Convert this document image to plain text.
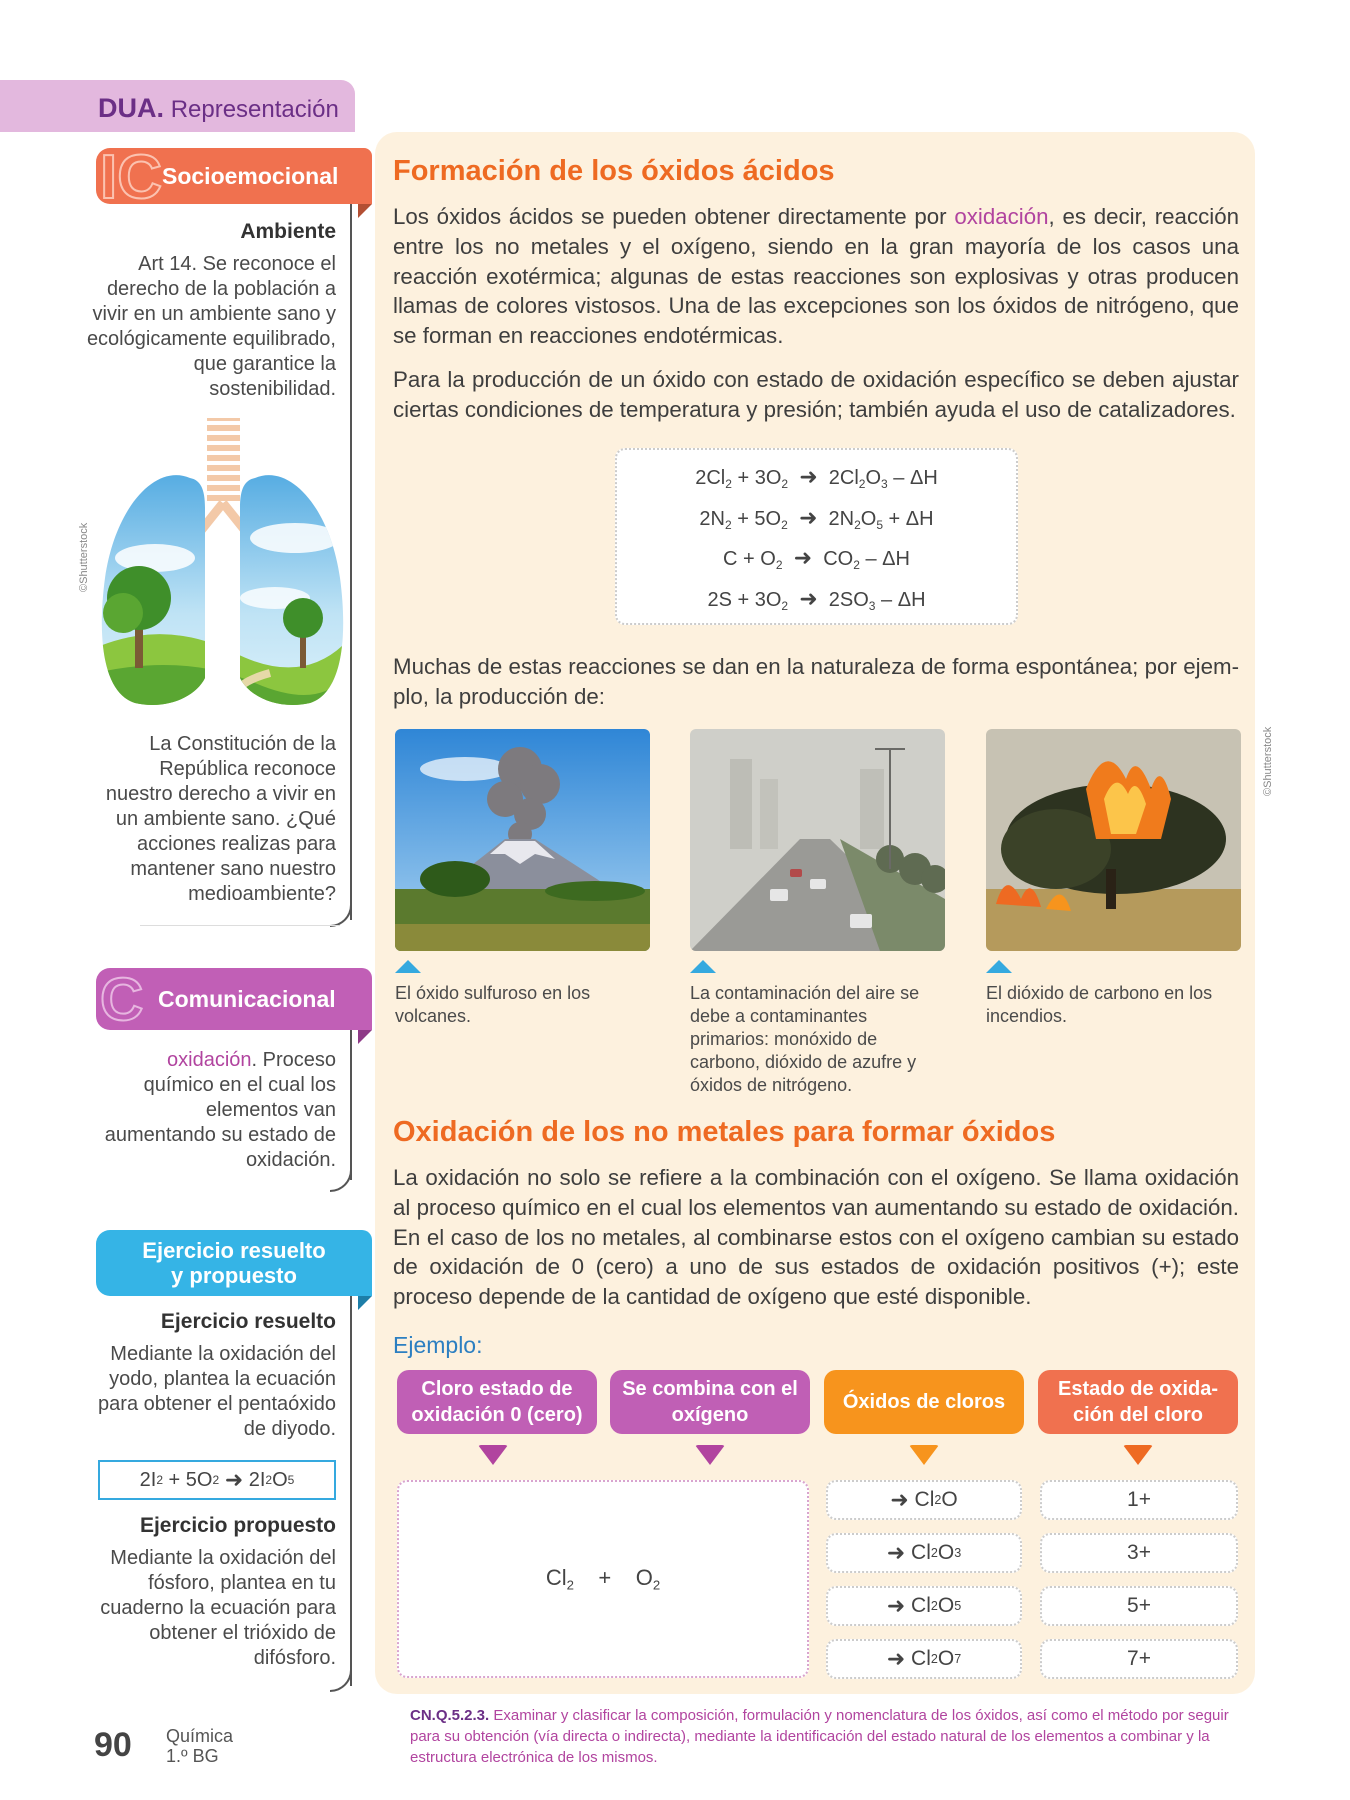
DUA. Representación
IC Socioemocional
Ambiente
Art 14. Se reconoce el derecho de la población a vivir en un ambiente sano y ecológicamente equilibrado, que garantice la sostenibilidad.
©Shutterstock
La Constitución de la República reconoce nuestro derecho a vivir en un ambiente sano. ¿Qué acciones realizas para mantener sano nuestro medioambiente?
C Comunicacional
oxidación. Proceso químico en el cual los elementos van aumentando su estado de oxidación.
Ejercicio resuelto
y propuesto
Ejercicio resuelto
Mediante la oxidación del yodo, plantea la ecuación para obtener el pentaóxido de diyodo.
2I 2 + 5O 2
➜ 2I 2 O 5
Ejercicio propuesto
Mediante la oxidación del fósforo, plantea en tu cuaderno la ecuación para obtener el trióxido de difósforo.
Formación de los óxidos ácidos
Los óxidos ácidos se pueden obtener directamente por oxidación, es decir, reacción entre los no metales y el oxígeno, siendo en la gran mayoría de los casos una reacción exotérmica; algunas de estas reacciones son explosivas y otras producen llamas de colores vistosos. Una de las excepciones son los óxidos de nitrógeno, que se forman en reacciones endotérmicas.
Para la producción de un óxido con estado de oxidación específico se deben ajustar ciertas condiciones de temperatura y presión; también ayuda el uso de catalizadores.
$2Cl_2 + 3O_2$ ➜  $2Cl_2O_3$ – ΔH
$2N_2 + 5O_2$ ➜  $2N_2O_5 + \Delta H$
$C + O_2$ ➜  $CO_2$ – ΔH
$2S + 3O_2$ ➜  $2SO_3$ – ΔH
Muchas de estas reacciones se dan en la naturaleza de forma espontánea; por ejemplo, la producción de:
©Shutterstock
El óxido sulfuroso en los volcanes.
La contaminación del aire se debe a contaminantes primarios: monóxido de carbono, dióxido de azufre y óxidos de nitrógeno.
El dióxido de carbono en los incendios.
Oxidación de los no metales para formar óxidos
La oxidación no solo se refiere a la combinación con el oxígeno. Se llama oxidación al proceso químico en el cual los elementos van aumentando su estado de oxidación. En el caso de los no metales, al combinarse estos con el oxígeno cambian su estado de oxidación de 0 (cero) a uno de sus estados de oxidación positivos (+); este proceso depende de la cantidad de oxígeno que esté disponible.
Ejemplo:
Cloro estado de oxidación 0 (cero)
Se combina con el oxígeno
Óxidos de cloros
Estado de oxida-ción del cloro
$Cl_2$    +    $O_2$
➜ Cl 2 O
➜ Cl 2 O 3
➜ Cl 2 O 5
➜ Cl 2 O 7
1+
3+
5+
7+
CN.Q.5.2.3. Examinar y clasificar la composición, formulación y nomenclatura de los óxidos, así como el método por seguir para su obtención (vía directa o indirecta), mediante la identificación del estado natural de los elementos a combinar y la estructura electrónica de los mismos.
90 Química
1.º BG
